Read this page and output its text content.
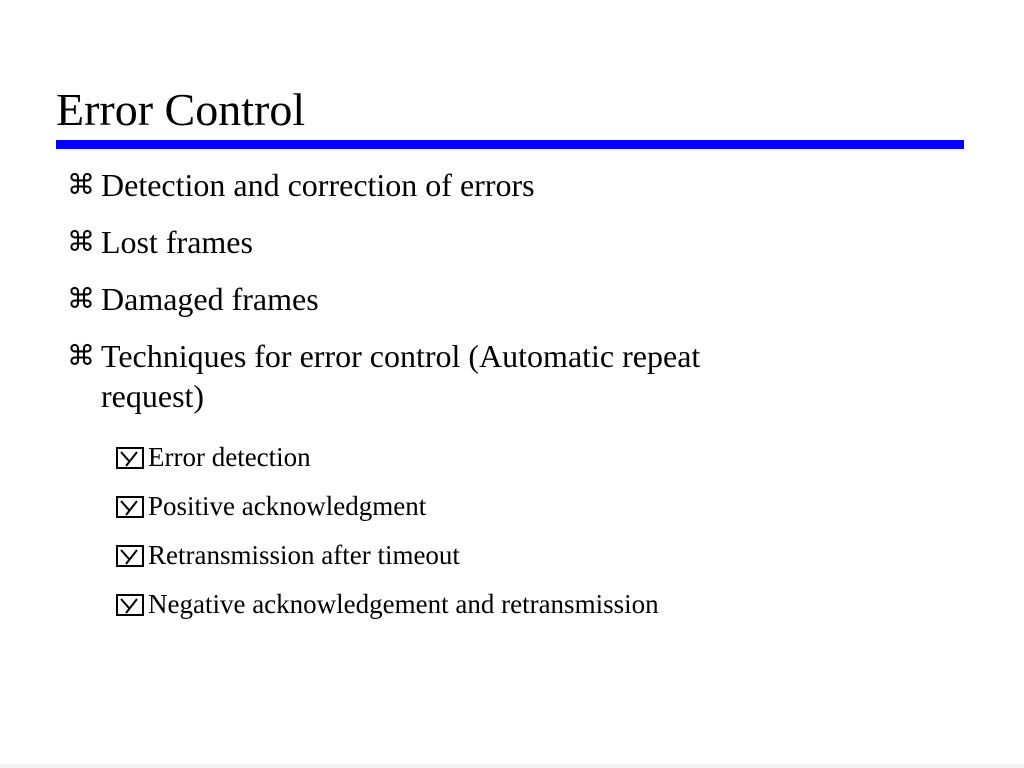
Error Control
⌘ Detection and correction of errors
⌘ Lost frames
⌘ Damaged frames
⌘ Techniques for error control (Automatic repeat
request)
Error detection
Positive acknowledgment
Retransmission after timeout
Negative acknowledgement and retransmission
